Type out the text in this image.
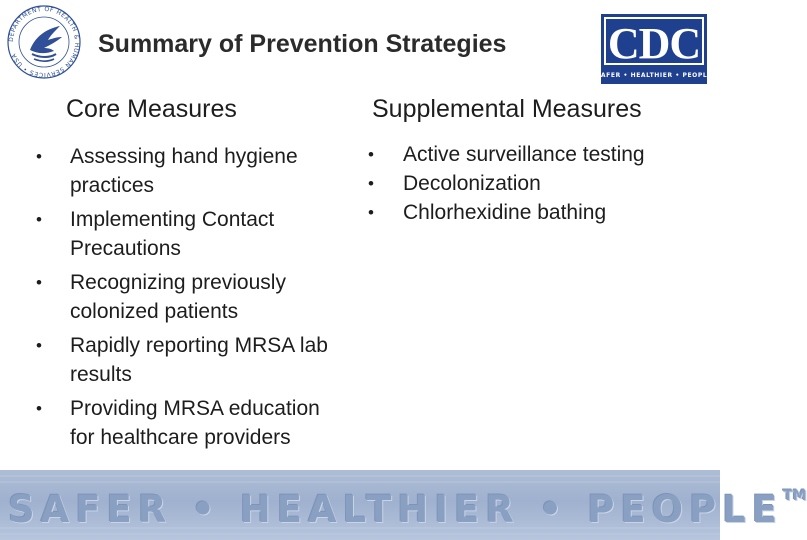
DEPARTMENT OF HEALTH & HUMAN SERVICES • USA	Summary of Prevention Strategies CDC
SAFER • HEALTHIER • PEOPLE
Core Measures	Supplemental Measures
• Assessing hand hygiene practices
• Implementing Contact Precautions
• Recognizing previously colonized patients
• Rapidly reporting MRSA lab results
• Providing MRSA education for healthcare providers
• Active surveillance testing
• Decolonization
• Chlorhexidine bathing
SAFER • HEALTHIER • PEOPLE™
